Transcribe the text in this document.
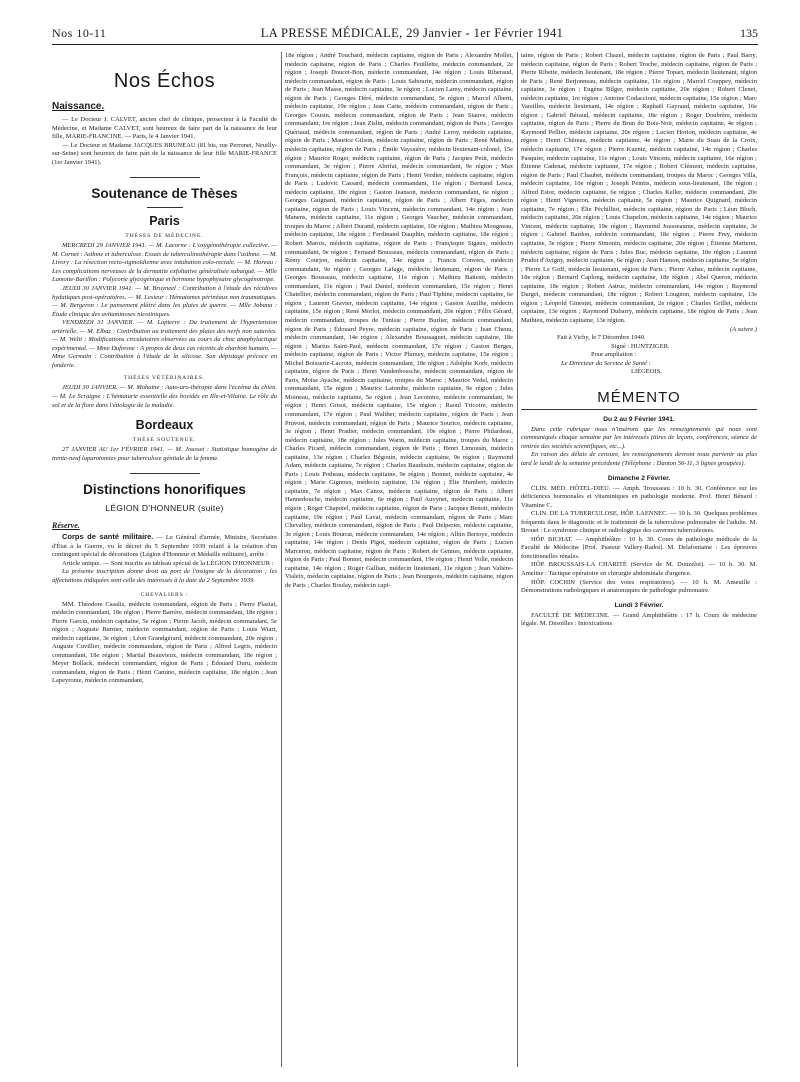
Nos 10-11	LA PRESSE MÉDICALE, 29 Janvier - 1er Février 1941	135
Nos Échos
Naissance.

— Le Docteur J. CALVET, ancien chef de clinique, prosecteur à la Faculté de Médecine, et Madame CALVET, sont heureux de faire part de la naissance de leur fille, MARIE-FRANCINE. — Paris, le 4 Janvier 1941.

— Le Docteur et Madame JACQUES BRUNEAU (81 bis, rue Perronet, Neuilly-sur-Seine) sont heureux de faire part de la naissance de leur fille MARIE-FRANCE (1er Janvier 1941).

Soutenance de Thèses
Paris
THÈSES DE MÉDECINE.

MERCREDI 29 JANVIER 1941. — M. Lacorne : L'oxygénothérapie collective. — M. Cornet : Asthme et tuberculose. Essais de tuberculinothérapie dans l'asthme. — M. Livory : La résection recto-sigmoïdienne avec intubation colo-rectale. — M. Horeau : Les complications nerveuses de la dermatite exfoliative généralisée subaiguë. — Mlle Lamotte-Barillon : Polycorie glycogénique et hormone hypophysaire glycogénotrope.

JEUDI 30 JANVIER 1941. — M. Bruyneel : Contribution à l'étude des récidives hydatiques post-opératoires. — M. Lesieur : Hématomes périnéaux non traumatiques. — M. Bergeron : Le pansement plâtré dans les plaies de guerre. — Mlle Jobana : Étude clinique des avitaminoses nicotiniques.

VENDREDI 31 JANVIER. — M. Lapierre : Du traitement de l'hypertension artérielle. — M. Elbaz : Contribution au traitement des plaies des nerfs non suturées. — M. Welti : Modifications circulatoires observées au cours du choc anaphylactique expérimental. — Mme Dufresne : A propos de deux cas récents de charbon humain. — Mme Germain : Contribution à l'étude de la silicose. Son dépistage précoce en fonderie.

THÈSES VÉTÉRINAIRES.

JEUDI 30 JANVIER. — M. Mohaine : Auto-uro-thérapie dans l'eczéma du chien. — M. Le Scraigne : L'hématurie essentielle des bovidés en Ille-et-Vilaine. Le rôle du sol et de la flore dans l'étiologie de la maladie.

Bordeaux
THÈSE SOUTENUE.

27 JANVIER AU 1er FÉVRIER 1941. — M. Jousset : Statistique homogène de trente-neuf laparotomies pour tuberculose génitale de la femme.

Distinctions honorifiques
LÉGION D'HONNEUR (suite)
Réserve.

Corps de santé militaire. — Le Général d'armée, Ministre, Secrétaire d'État à la Guerre, vu le décret du 5 Septembre 1939 relatif à la création d'un contingent spécial de décorations (Légion d'Honneur et Médaille militaire), arrête :

Article unique. — Sont inscrits au tableau spécial de la LÉGION D'HONNEUR :

La présente inscription donne droit au port de l'insigne de la décoration ; les affectations indiquées sont celle des intéressés à la date du 2 Septembre 1939.

CHEVALIERS :

MM. Théodore Casalis, médecin commandant, région de Paris ; Pierre Plaziat, médecin commandant, 18e région ; Pierre Barrère, médecin commandant, 18e région ; Pierre Garcin, médecin capitaine, 5e région ; Pierre Jacob, médecin commandant, 5e région ; Auguste Burnier, médecin commandant, région de Paris ; Louis Wiart, médecin capitaine, 3e région ; Léon Grandgérard, médecin commandant, 20e région ; Auguste Cuvillier, médecin commandant, région de Paris ; Alfred Legris, médecin commandant, 18e région ; Martial Beauvieux, médecin commandant, 18e région ; Meyer Bollack, médecin commandant, région de Paris ; Édouard Duru, médecin commandant, région de Paris ; Henri Camino, médecin capitaine, 18e région ; Jean Lapeyronie, médecin commandant,

18e région ; André Touchard, médecin capitaine, région de Paris ; Alexandre Mollet, médecin capitaine, région de Paris ; Charles Feuillette, médecin commandant, 2e région ; Joseph Doucet-Bon, médecin commandant, 14e région ; Louis Riberaud, médecin commandant, région de Paris ; Louis Sabourin, médecin commandant, région de Paris ; Jean Masse, médecin capitaine, 3e région ; Lucien Lamy, médecin capitaine, région de Paris ; Georges Déré, médecin commandant, 5e région ; Marcel Alberti, médecin capitaine, 19e région ; Jean Carte, médecin commandant, région de Paris ; Georges Cousin, médecin commandant, région de Paris ; Jean Siauve, médecin commandant, 1re région ; Jean Zislin, médecin commandant, région de Paris ; Georges Quériaud, médecin commandant, région de Paris ; André Leroy, médecin capitaine, région de Paris ; Maurice Gilson, médecin capitaine, région de Paris ; René Mathieu, médecin capitaine, région de Paris ; Émile Vayssière, médecin lieutenant-colonel, 15e région ; Maurice Roger, médecin capitaine, région de Paris ; Jacques Petit, médecin commandant, 3e région ; Pierre Abrifat, médecin commandant, 9e région ; Max François, médecin capitaine, région de Paris ; Henri Verdier, médecin capitaine, région de Paris ; Ludovic Cassard, médecin commandant, 11e région ; Bertrand Lesca, médecin capitaine, 18e région ; Gaston Jeanson, médecin commandant, 6e région ; Georges Guignard, médecin capitaine, région de Paris ; Albert Fèges, médecin capitaine, région de Paris ; Louis Vincent, médecin commandant, 14e région ; Jean Manens, médecin capitaine, 11e région ; Georges Vaucher, médecin commandant, troupes du Maroc ; Albert Durand, médecin capitaine, 10e région ; Mathieu Mougneau, médecin capitaine, 18e région ; Ferdinand Dauphin, médecin capitaine, 18e région ; Robert Marois, médecin capitaine, région de Paris ; Françisque Sigaux, médecin commandant, 9e région ; Fernand Bousseau, médecin commandant, région de Paris ; Rémy Courjon, médecin capitaine, 14e région ; Francis Convers, médecin commandant, 9e région ; Georges Lafage, médecin lieutenant, région de Paris ; Georges Bousseau, médecin capitaine, 11e région ; Mathieu Battesti, médecin commandant, 11e région ; Paul Daniel, médecin commandant, 15e région ; Henri Chatellier, médecin commandant, région de Paris ; Paul Tiphine, médecin capitaine, 6e région ; Laurent Gravier, médecin capitaine, 14e région ; Gaston Auzilhe, médecin capitaine, 15e région ; René Morlot, médecin commandant, 20e région ; Félix Gérard, médecin commandant, troupes de Tunisie ; Pierre Burlier, médecin commandant, région de Paris ; Édouard Peyre, médecin capitaine, région de Paris ; Jean Cheuu, médecin commandant, 14e région ; Alexandre Boussaguet, médecin capitaine, 18e région ; Marius Saint-Paul, médecin commandant, 17e région ; Gaston Berges, médecin capitaine, région de Paris ; Victor Plumey, médecin capitaine, 15e région ; Michel Boisserie-Lacroix, médecin commandant, 18e région ; Adolphe Korb, médecin capitaine, région de Paris ; Henri Vandenbossche, médecin commandant, région de Paris, Moïse Ayache, médecin capitaine, troupes du Maroc ; Maurice Vedel, médecin commandant, 15e région ; Maurice Latombe, médecin capitaine, 9e région ; Jules Moineau, médecin capitaine, 5e région ; Jean Lecointre, médecin commandant, 9e région ; Henri Grisot, médecin capitaine, 15e région ; Raoul Tricoire, médecin commandant, 17e région ; Paul Walther, médecin capitaine, région de Paris ; Jean Pruvost, médecin commandant, région de Paris ; Maurice Sourice, médecin capitaine, 3e région ; Henri Pradier, médecin commandant, 10e région ; Pierre Philardeau, médecin capitaine, 18e région ; Jules Warin, médecin capitaine, troupes du Maroc ; Charles Picard, médecin commandant, région de Paris ; Henri Limousin, médecin capitaine, 13e région ; Charles Bégouin, médecin capitaine, 9e région ; Raymond Adam, médecin capitaine, 7e région ; Charles Baudouin, médecin capitaine, région de Paris ; Louis Potheau, médecin capitaine, 9e région ; Bonnet, médecin capitaine, 4e région ; Marie Gignoux, médecin capitaine, 13e région ; Élie Humbert, médecin capitaine, 7e région ; Max Canoz, médecin capitaine, région de Paris ; Albert Hannedouche, médecin capitaine, 6e région ; Paul Auvynet, médecin capitaine, 11e région ; Roger Chapotel, médecin capitaine, région de Paris ; Jacques Benoit, médecin capitaine, 19e région ; Paul Lavat, médecin commandant, région de Paris ; Marc Chevalley, médecin commandant, région de Paris ; Paul Delperier, médecin capitaine, 3e région ; Louis Bourrat, médecin commandant, 14e région ; Albin Bertoye, médecin capitaine, 14e région ; Denis Pigot, médecin capitaine, région de Paris ; Lucien Marceron, médecin capitaine, région de Paris ; Robert de Gennes, médecin capitaine, région de Paris ; Paul Bonnet, médecin commandant, 19e région ; Henri Volle, médecin capitaine, 14e région ; Roger Gallian, médecin lieutenant, 11e région ; Jean Valière-Vialeix, médecin capitaine, région de Paris ; Jean Bourgeois, médecin capitaine, région de Paris ; Charles Boulay, médecin capi-

taine, région de Paris ; Robert Chazel, médecin capitaine, région de Paris ; Paul Barry, médecin capitaine, région de Paris ; Robert Troche, médecin capitaine, région de Paris ; Pierre Ribette, médecin lieutenant, 18e région ; Pierre Topart, médecin lieutenant, région de Paris ; René Berjonneau, médecin capitaine, 11e région ; Marcel Couppey, médecin capitaine, 3e région ; Eugène Bilger, médecin capitaine, 20e région ; Robert Clenet, médecin capitaine, 1re région ; Antoine Codaccioni, médecin capitaine, 15e région ; Marc Vareilles, médecin lieutenant, 14e région ; Raphaël Gayraud, médecin capitaine, 16e région ; Gabriel Béraud, médecin capitaine, 18e région ; Roger Doubrère, médecin capitaine, région de Paris ; Pierre du Brun du Bois-Noir, médecin capitaine, 4e région ; Raymond Pellier, médecin capitaine, 20e région ; Lucien Horion, médecin capitaine, 4e région ; Henri Chéreau, médecin capitaine, 4e région ; Marie du Suau de la Croix, médecin capitaine, 17e région ; Pierre Kuentz, médecin capitaine, 14e région ; Charles Pasquier, médecin capitaine, 11e région ; Louis Vincens, médecin capitaine, 16e région ; Étienne Cadenat, médecin capitaine, 17e région ; Robert Clément, médecin capitaine, région de Paris ; Paul Chaubet, médecin commandant, troupes du Maroc ; Georges Villa, médecin capitaine, 10e région ; Joseph Peintis, médecin sous-lieutenant, 18e région ; Alfred Estor, médecin capitaine, 6e région ; Charles Keller, médecin commandant, 20e région ; Henri Vigneron, médecin capitaine, 5e région ; Maurice Quignard, médecin capitaine, 7e région ; Élie Péchilliot, médecin capitaine, région de Paris ; Léon Bloch, médecin capitaine, 20e région ; Louis Chapelon, médecin capitaine, 14e région ; Maurice Vincent, médecin capitaine, 19e région ; Raymond Jousseaume, médecin capitaine, 3e région ; Gabriel Bardon, médecin commandant, 18e région ; Pierre Frey, médecin capitaine, 3e région ; Pierre Simonin, médecin capitaine, 20e région ; Étienne Marteret, médecin capitaine, région de Paris ; Jules Buc, médecin capitaine, 10e région ; Laurent Prudot d'Avigny, médecin capitaine, 6e région ; Jean Hamon, médecin capitaine, 5e région ; Pierre Le Goff, médecin lieutenant, région de Paris ; Pierre Aubac, médecin capitaine, 18e région ; Bernard Caplong, médecin capitaine, 18e région ; Abel Queron, médecin capitaine, 18e région ; Robert Astruc, médecin commandant, 14e région ; Raymond Darget, médecin commandant, 18e région ; Robert Lougnon, médecin capitaine, 13e région ; Léopold Ginestet, médecin commandant, 2e région ; Charles Grillet, médecin capitaine, 13e région ; Raymond Dubarry, médecin capitaine, 18e région de Paris ; Jean Mathieu, médecin capitaine, 13e région.

(A suivre.)

Fait à Vichy, le 7 Décembre 1940.

Signé : HUNTZIGER.

Pour ampliation :

Le Directeur du Service de Santé :

LIÉGEOIS.

MÉMENTO
Du 2 au 9 Février 1941.

Dans cette rubrique nous n'insérons que les renseignements qui nous sont communiqués chaque semaine par les intéressés (titres de leçons, conférences, séance de rentrée des sociétés scientifiques, etc...).

En raison des délais de censure, les renseignements devront nous parvenir au plus tard le lundi de la semaine précédente (Téléphone : Danton 56-11, 3 lignes groupées).

Dimanche 2 Février.

CLIN. MÉD. HÔTEL-DIEU. — Amph. Trousseau : 10 h. 30. Conférence sur les déficiences hormonales et vitaminiques en pathologie moderne. Prof. Henri Bénard : Vitamine C.

CLIN. DE LA TUBERCULOSE, HÔP. LAENNEC. — 10 h. 30. Quelques problèmes fréquents dans le diagnostic et le traitement de la tuberculose pulmonaire de l'adulte. M. Brouet : Le syndrome clinique et radiologique des cavernes tuberculeuses.

HÔP. BICHAT. — Amphithéâtre : 10 h. 30. Cours de pathologie médicale de la Faculté de Médecine [Prof. Pasteur Vallery-Radot]. M. Delafontaine : Les épreuves fonctionnelles rénales.

HÔP. BROUSSAIS-LA CHARITÉ (Service de M. Donzelot). — 10 h. 30. M. Ameline : Tactique opératoire en chirurgie abdominale d'urgence.

HÔP. COCHIN (Service des voies respiratoires). — 10 h. M. Ameuille : Démonstrations radiologiques et anatomiques de pathologie pulmonaire.

Lundi 3 Février.

FACULTÉ DE MÉDECINE. — Grand Amphithéâtre : 17 h. Cours de médecine légale. M. Desoilles : Intoxications
